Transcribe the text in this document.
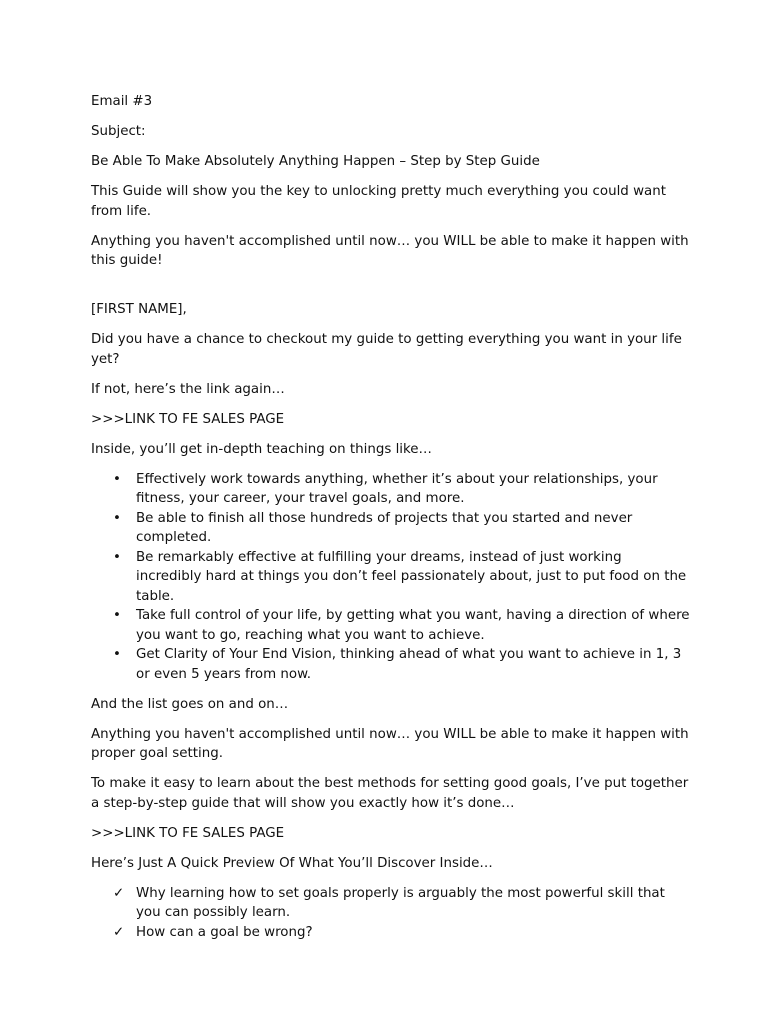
Email #3

Subject:

Be Able To Make Absolutely Anything Happen – Step by Step Guide

This Guide will show you the key to unlocking pretty much everything you could want from life.

Anything you haven't accomplished until now… you WILL be able to make it happen with this guide!

[FIRST NAME],

Did you have a chance to checkout my guide to getting everything you want in your life yet?

If not, here’s the link again…

>>>LINK TO FE SALES PAGE

Inside, you’ll get in-depth teaching on things like…

• Effectively work towards anything, whether it’s about your relationships, your fitness, your career, your travel goals, and more.
• Be able to finish all those hundreds of projects that you started and never completed.
• Be remarkably effective at fulfilling your dreams, instead of just working incredibly hard at things you don’t feel passionately about, just to put food on the table.
• Take full control of your life, by getting what you want, having a direction of where you want to go, reaching what you want to achieve.
• Get Clarity of Your End Vision, thinking ahead of what you want to achieve in 1, 3 or even 5 years from now.

And the list goes on and on…

Anything you haven't accomplished until now… you WILL be able to make it happen with proper goal setting.

To make it easy to learn about the best methods for setting good goals, I’ve put together a step-by-step guide that will show you exactly how it’s done…

>>>LINK TO FE SALES PAGE

Here’s Just A Quick Preview Of What You’ll Discover Inside…

✓ Why learning how to set goals properly is arguably the most powerful skill that you can possibly learn.
✓ How can a goal be wrong?
